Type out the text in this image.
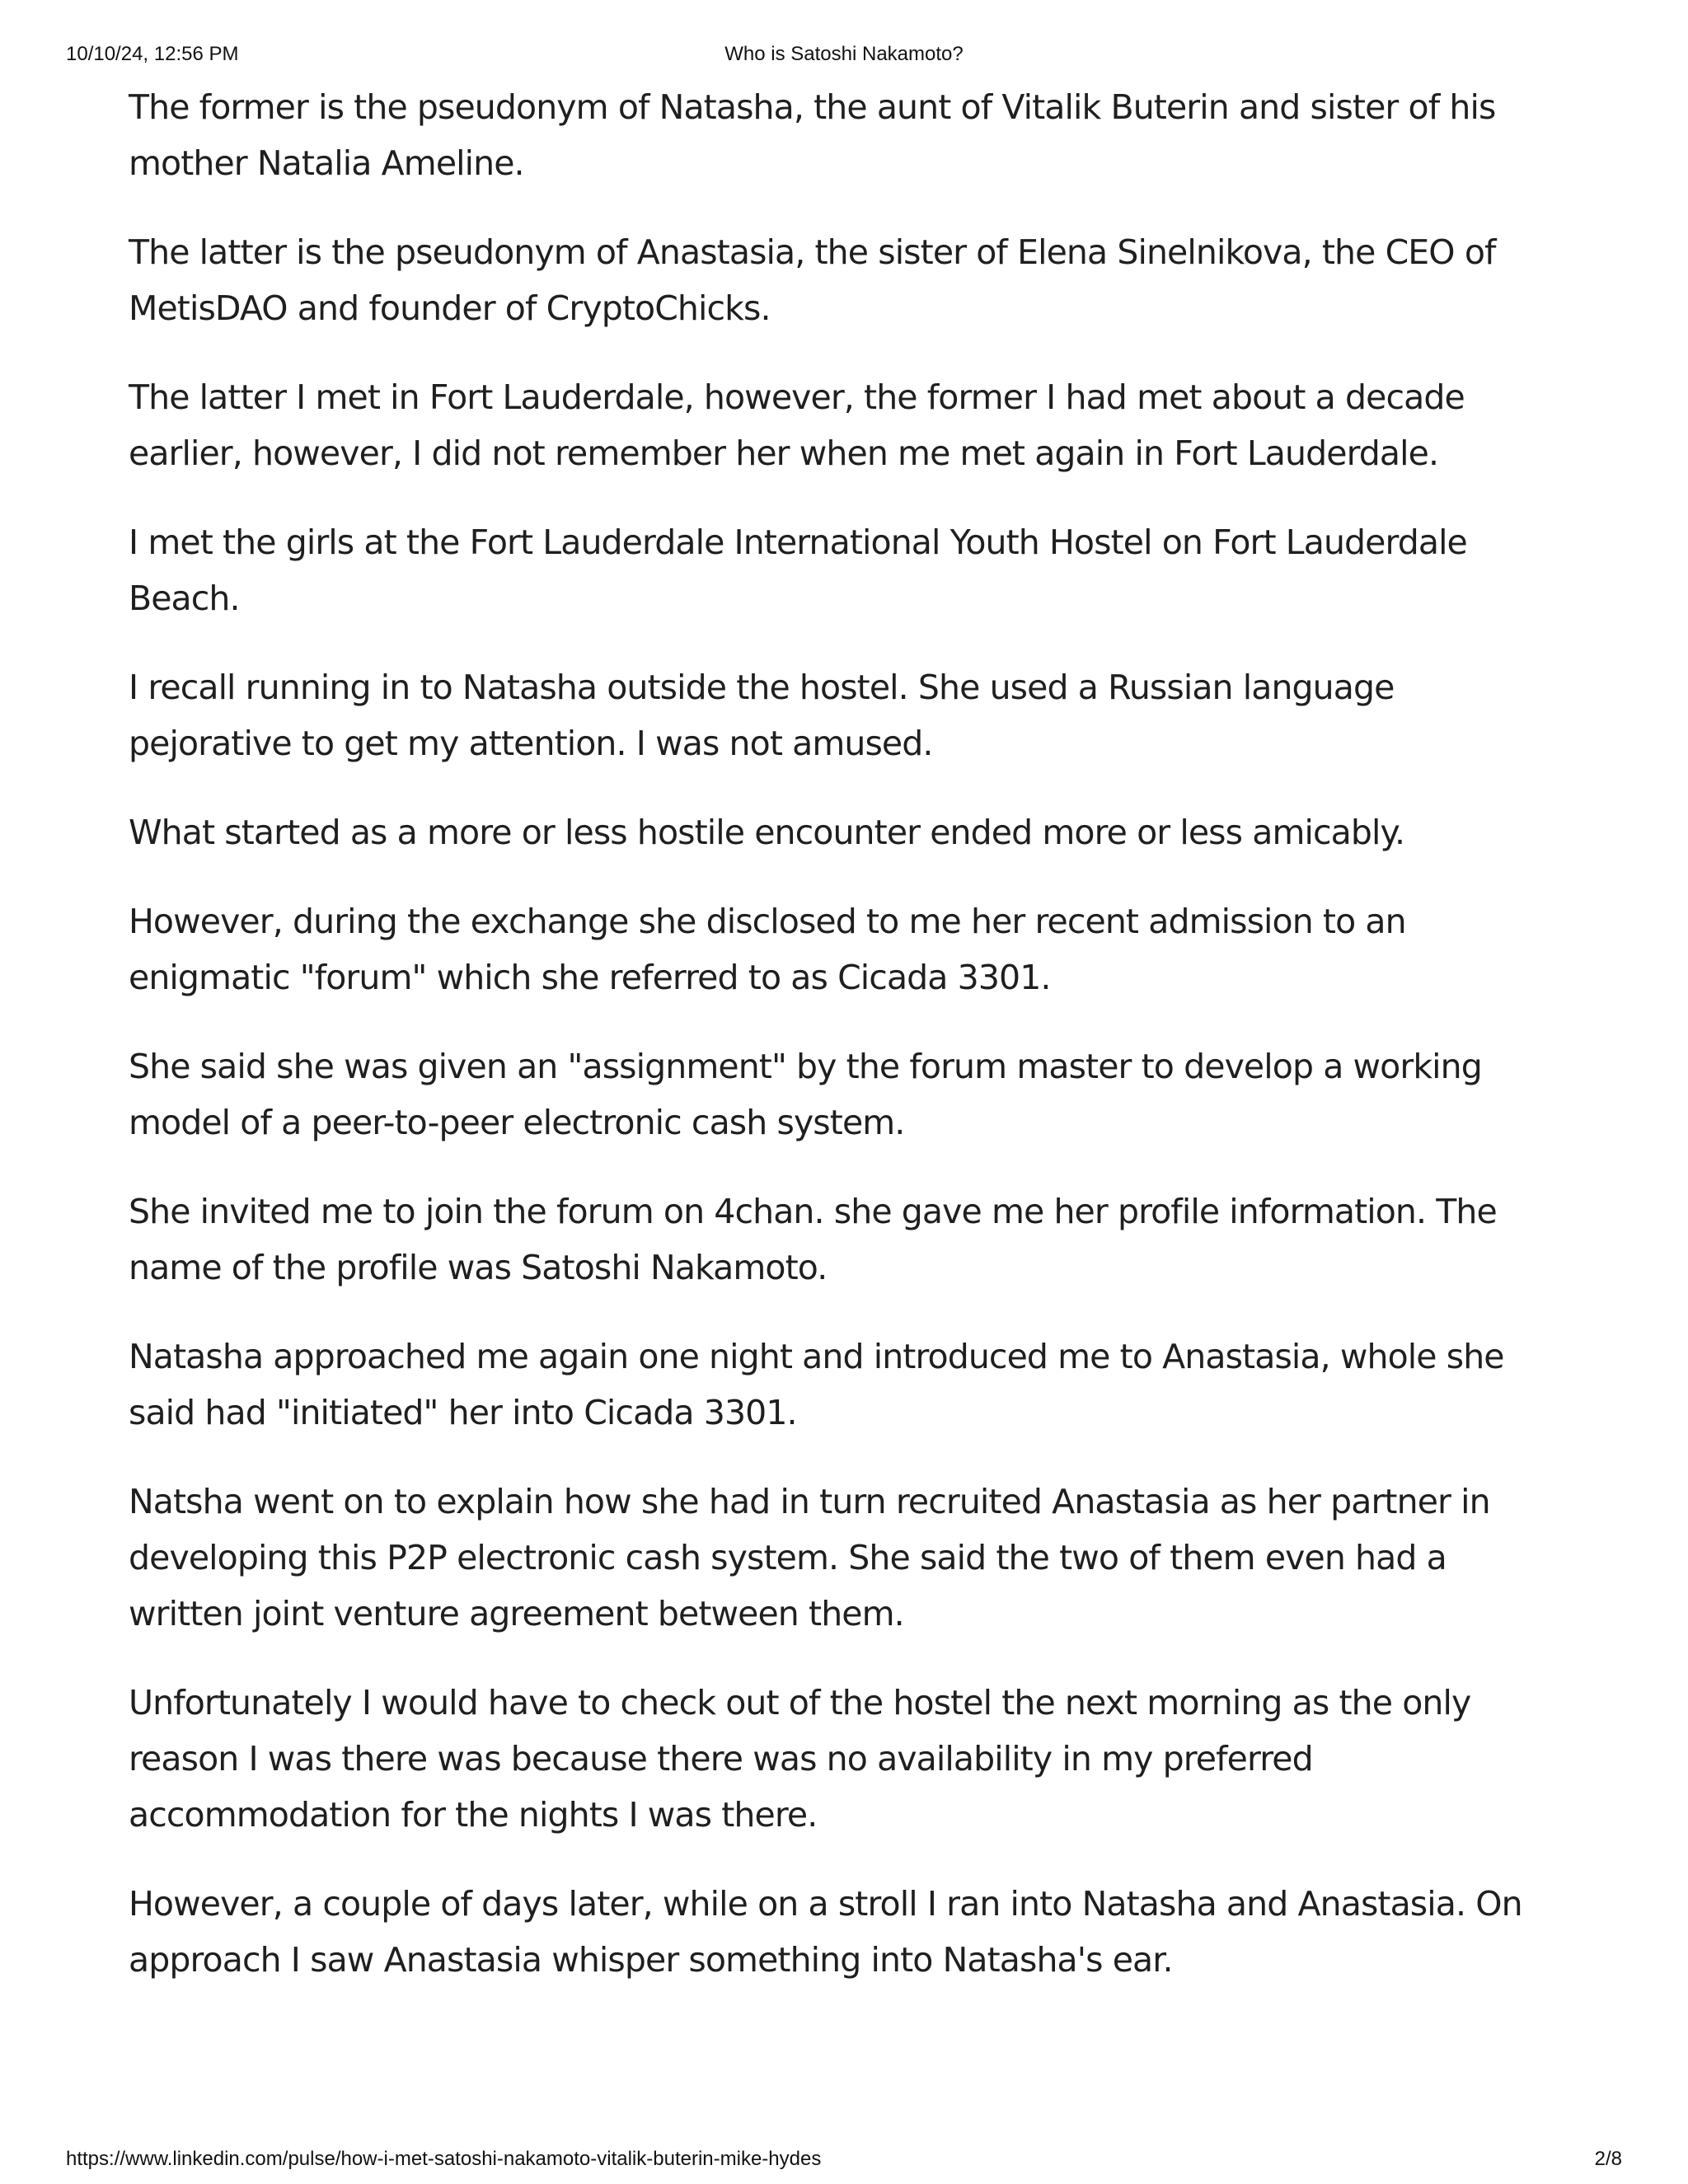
10/10/24, 12:56 PM	Who is Satoshi Nakamoto?

The former is the pseudonym of Natasha, the aunt of Vitalik Buterin and sister of his mother Natalia Ameline.

The latter is the pseudonym of Anastasia, the sister of Elena Sinelnikova, the CEO of MetisDAO and founder of CryptoChicks.

The latter I met in Fort Lauderdale, however, the former I had met about a decade earlier, however, I did not remember her when me met again in Fort Lauderdale.

I met the girls at the Fort Lauderdale International Youth Hostel on Fort Lauderdale Beach.

I recall running in to Natasha outside the hostel. She used a Russian language pejorative to get my attention. I was not amused.

What started as a more or less hostile encounter ended more or less amicably.

However, during the exchange she disclosed to me her recent admission to an enigmatic "forum" which she referred to as Cicada 3301.

She said she was given an "assignment" by the forum master to develop a working model of a peer-to-peer electronic cash system.

She invited me to join the forum on 4chan. she gave me her profile information. The name of the profile was Satoshi Nakamoto.

Natasha approached me again one night and introduced me to Anastasia, whole she said had "initiated" her into Cicada 3301.

Natsha went on to explain how she had in turn recruited Anastasia as her partner in developing this P2P electronic cash system. She said the two of them even had a written joint venture agreement between them.

Unfortunately I would have to check out of the hostel the next morning as the only reason I was there was because there was no availability in my preferred accommodation for the nights I was there.

However, a couple of days later, while on a stroll I ran into Natasha and Anastasia. On approach I saw Anastasia whisper something into Natasha's ear.

https://www.linkedin.com/pulse/how-i-met-satoshi-nakamoto-vitalik-buterin-mike-hydes	2/8
